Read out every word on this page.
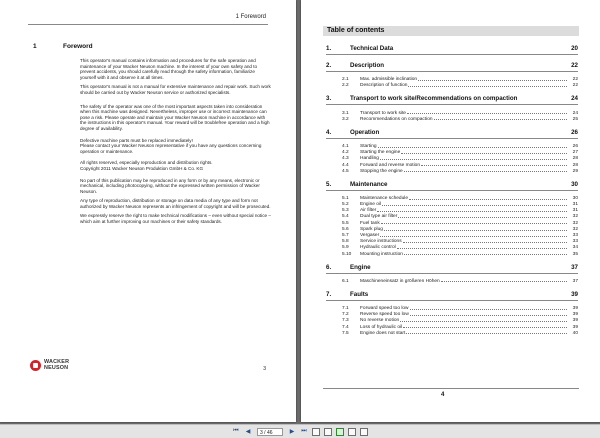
1 Foreword
1	Foreword

This operator's manual contains information and procedures for the safe operation and maintenance of your Wacker Neuson machine. In the interest of your own safety and to prevent accidents, you should carefully read through the safety information, familiarize yourself with it and observe it at all times.

This operator's manual is not a manual for extensive maintenance and repair work. Such work should be carried out by Wacker Neuson service or authorized specialists.

The safety of the operator was one of the most important aspects taken into consideration when this machine was designed. Nevertheless, improper use or incorrect maintenance can pose a risk. Please operate and maintain your Wacker Neuson machine in accordance with the instructions in this operator's manual. Your reward will be troublefree operation and a high degree of availability.

Defective machine parts must be replaced immediately!

Please contact your Wacker Neuson representative if you have any questions concerning operation or maintenance.

All rights reserved, especially reproduction and distribution rights.

Copyright 2011 Wacker Neuson Produktion GmbH & Co. KG

No part of this publication may be reproduced in any form or by any means, electronic or mechanical, including photocopying, without the expressed written permission of Wacker Neuson.

Any type of reproduction, distribution or storage on data media of any type and form not authorized by Wacker Neuson represents an infringement of copyright and will be prosecuted.

We expressly reserve the right to make technical modifications – even without special notice – which aim at further improving our machines or their safety standards.

WACKER
NEUSON	3
Table of contents
1.	Technical Data	20
2.	Description	22
2.1	Max. admissible inclination	22
2.2	Description of function	22
3.	Transport to work site/Recommendations on compaction	24
3.1	Transport to work site	24
3.2	Recommendations on compaction	25
4.	Operation	26
4.1	Starting	26
4.2	Starting the engine	27
4.3	Handling	28
4.4	Forward and reverse motion	28
4.5	Stopping the engine	29
5.	Maintenance	30
5.1	Maintenance schedule	30
5.2	Engine oil	31
5.3	Air filter	31
5.4	Dual type air filter	32
5.5	Fuel tank	32
5.6	Spark plug	32
5.7	Vergaser	33
5.8	Service instructions	33
5.9	Hydraulic control	34
5.10	Mounting instruction	35
6.	Engine	37
6.1	Maschineneinsatz in größeren Höhen	37
7.	Faults	39
7.1	Forward speed too low	39
7.2	Reverse speed too low	39
7.3	No reverse motion	39
7.4	Loss of hydraulic oil	39
7.5	Engine does not start	40
4
⏮	◀	3 / 46	▶	⏭
